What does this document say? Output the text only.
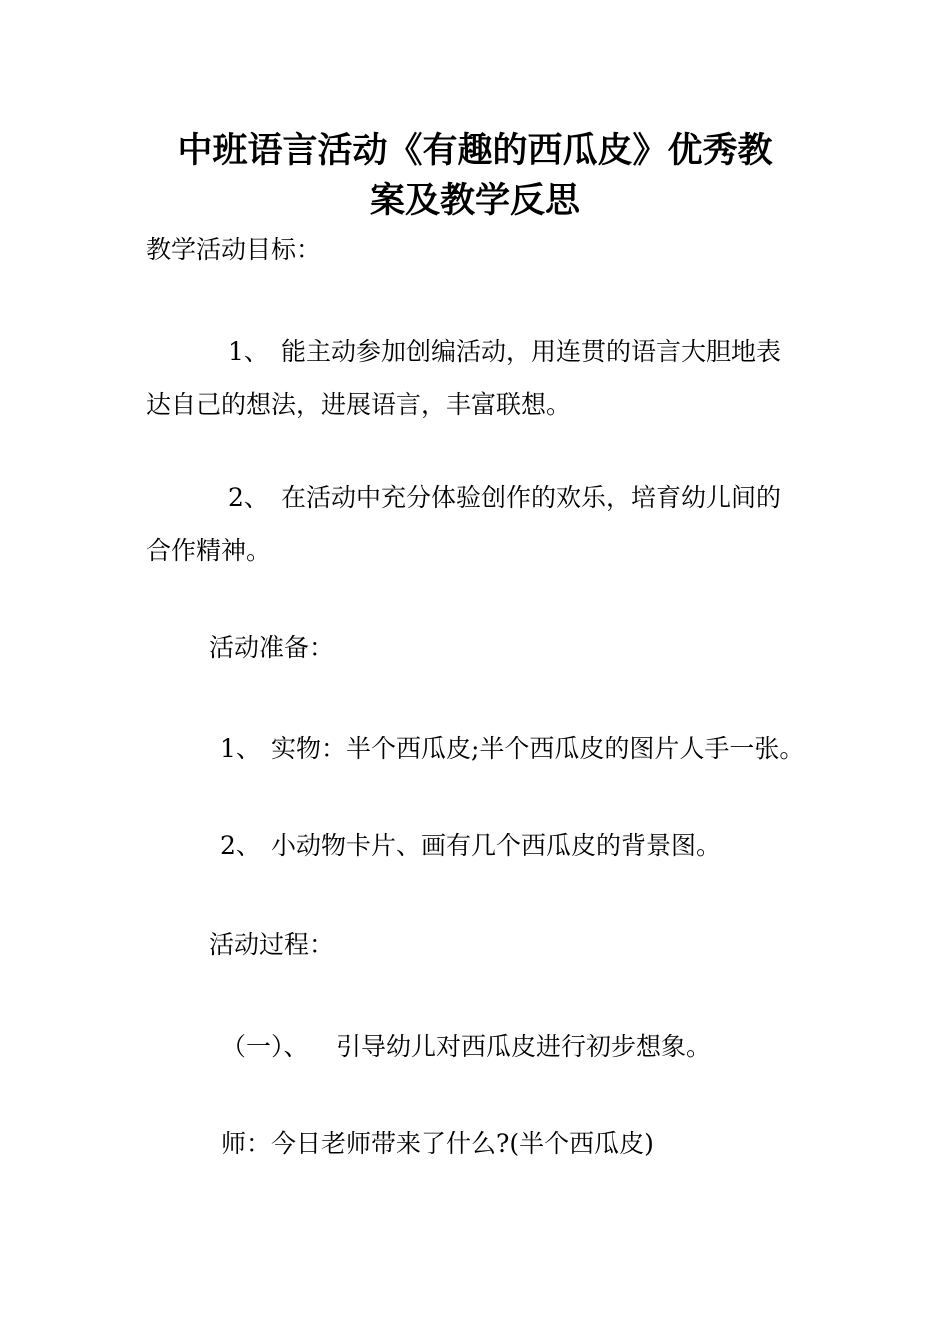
中班语言活动《有趣的西瓜皮》优秀教
案及教学反思
教学活动目标：
1、 能主动参加创编活动，用连贯的语言大胆地表
达自己的想法，进展语言，丰富联想。
2、 在活动中充分体验创作的欢乐，培育幼儿间的
合作精神。
活动准备：
1、 实物：半个西瓜皮;半个西瓜皮的图片人手一张。
2、 小动物卡片、画有几个西瓜皮的背景图。
活动过程：
（一）、 引导幼儿对西瓜皮进行初步想象。
师：今日老师带来了什么?(半个西瓜皮)
